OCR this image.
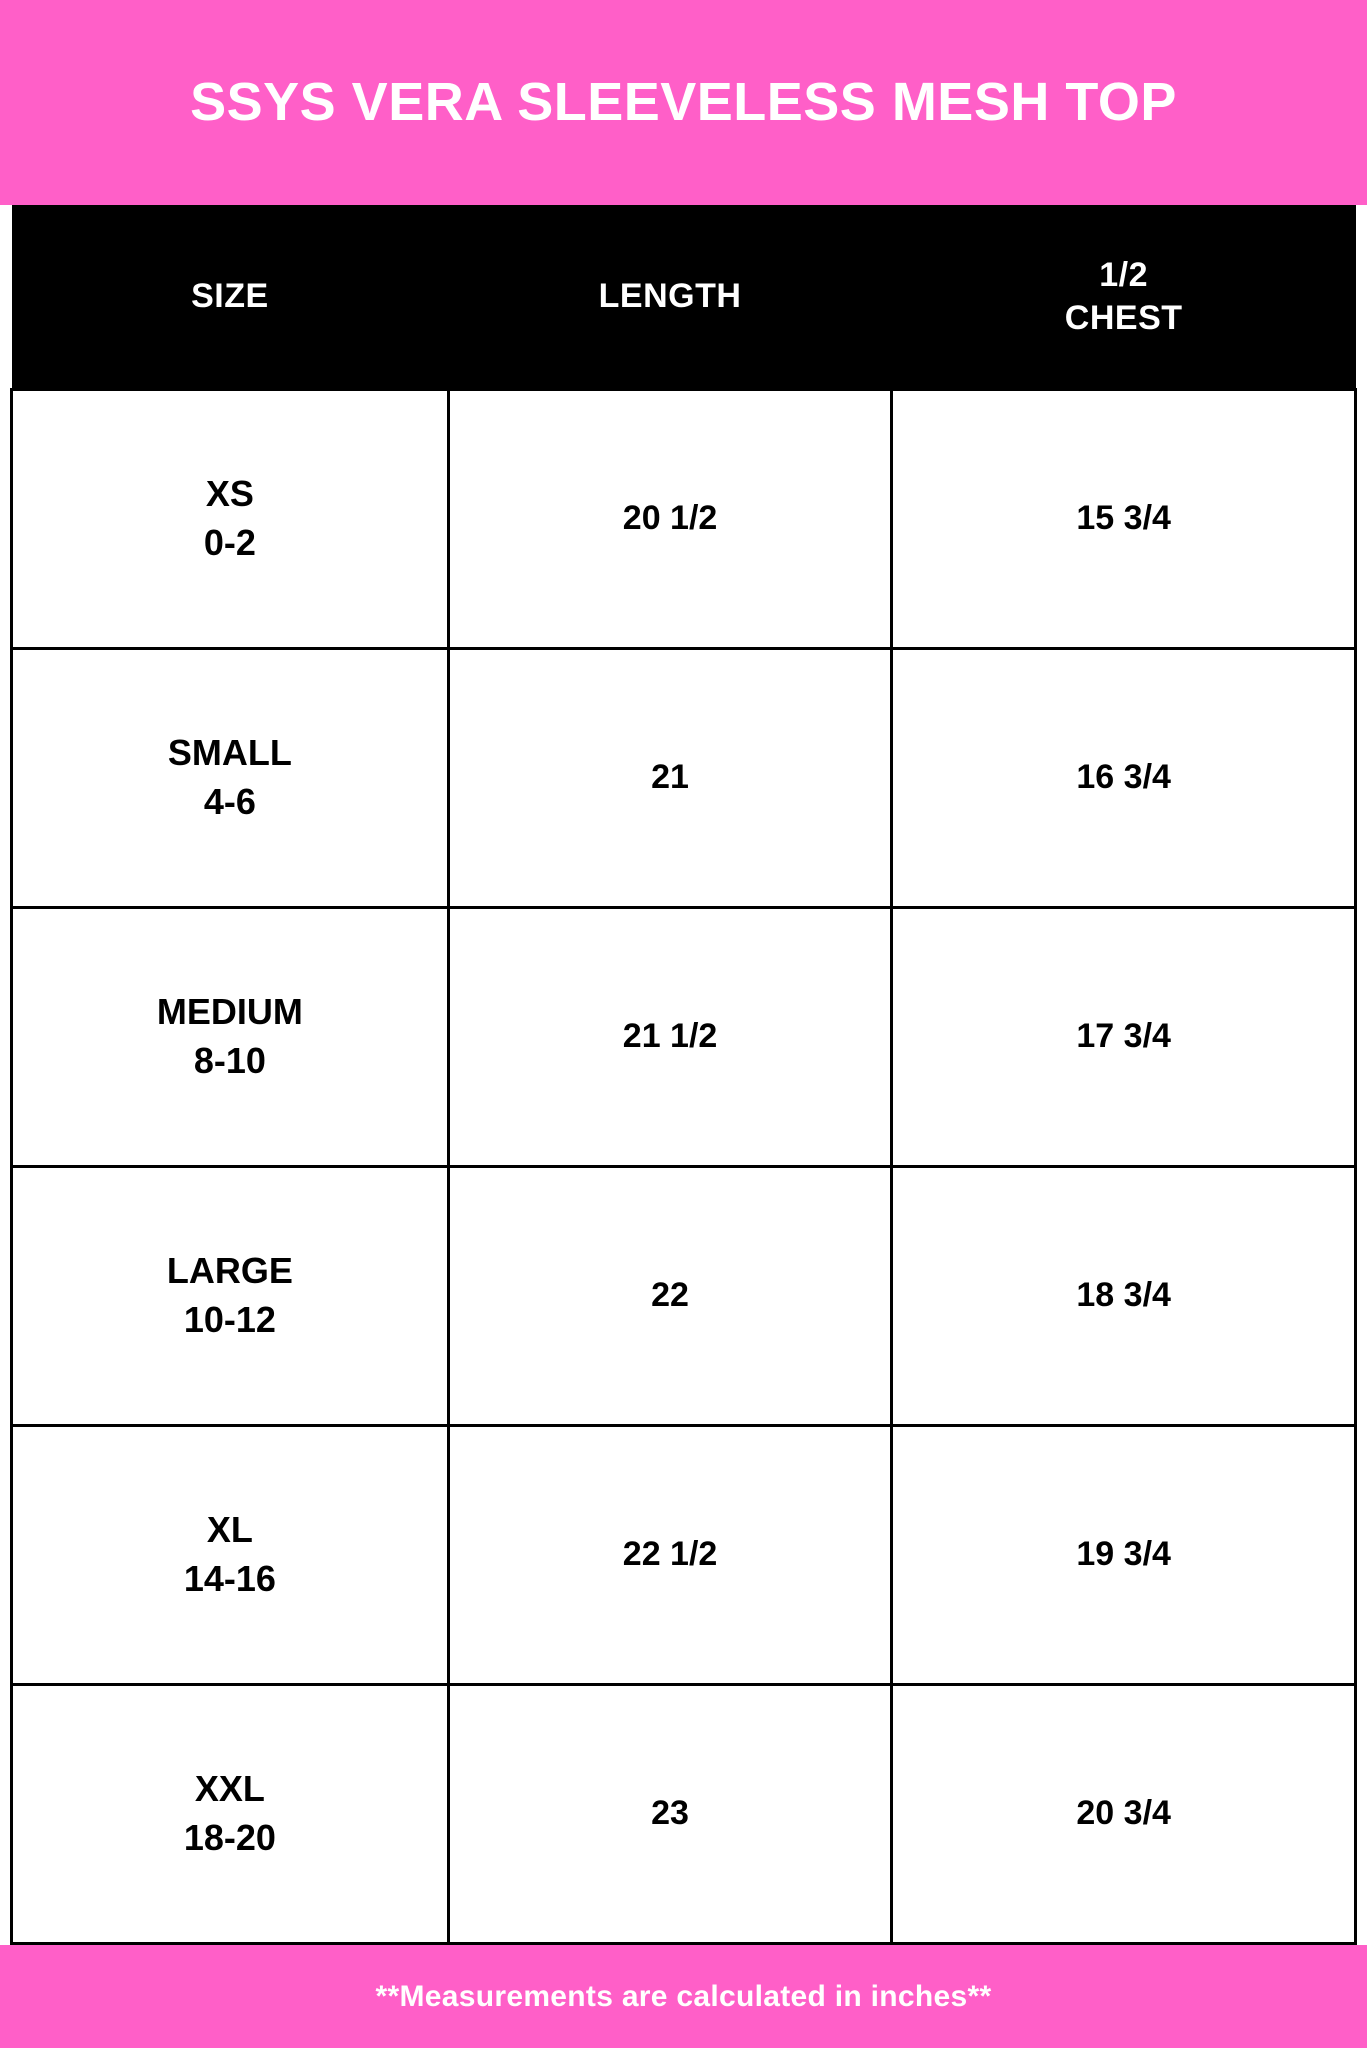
SSYS VERA SLEEVELESS MESH TOP
SIZE	LENGTH	1/2
CHEST

XS
0-2	20 1/2	15 3/4

SMALL
4-6	21	16 3/4

MEDIUM
8-10	21 1/2	17 3/4

LARGE
10-12	22	18 3/4

XL
14-16	22 1/2	19 3/4

XXL
18-20	23	20 3/4
**Measurements are calculated in inches**
